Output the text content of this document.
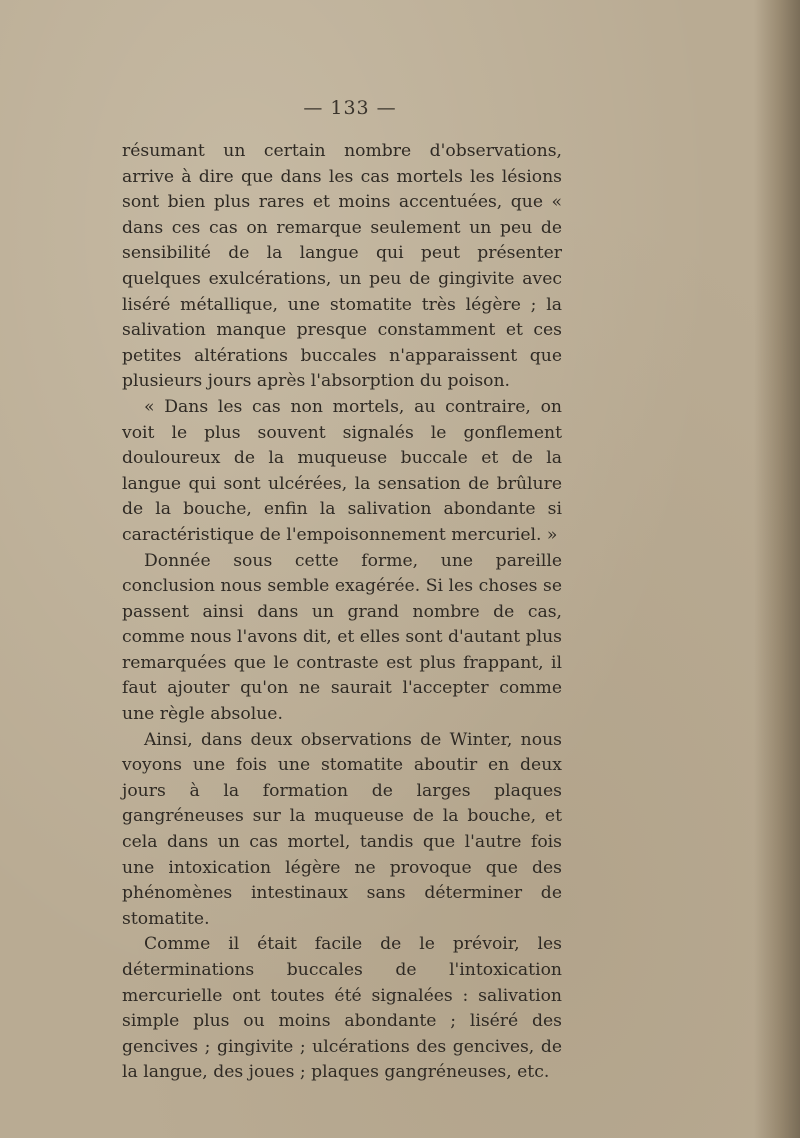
— 133 —

résumant un certain nombre d'observations, arrive à dire que dans les cas mortels les lésions sont bien plus rares et moins accentuées, que « dans ces cas on remarque seulement un peu de sensibilité de la langue qui peut présenter quelques exulcérations, un peu de gingivite avec liséré métallique, une stomatite très légère ; la salivation manque presque constamment et ces petites altérations buccales n'apparaissent que plusieurs jours après l'absorption du poison.

« Dans les cas non mortels, au contraire, on voit le plus souvent signalés le gonflement douloureux de la muqueuse buccale et de la langue qui sont ulcérées, la sensation de brûlure de la bouche, enfin la salivation abondante si caractéristique de l'empoisonnement mercuriel. »

Donnée sous cette forme, une pareille conclusion nous semble exagérée. Si les choses se passent ainsi dans un grand nombre de cas, comme nous l'avons dit, et elles sont d'autant plus remarquées que le contraste est plus frappant, il faut ajouter qu'on ne saurait l'accepter comme une règle absolue.

Ainsi, dans deux observations de Winter, nous voyons une fois une stomatite aboutir en deux jours à la formation de larges plaques gangréneuses sur la muqueuse de la bouche, et cela dans un cas mortel, tandis que l'autre fois une intoxication légère ne provoque que des phénomènes intestinaux sans déterminer de stomatite.

Comme il était facile de le prévoir, les déterminations buccales de l'intoxication mercurielle ont toutes été signalées : salivation simple plus ou moins abondante ; liséré des gencives ; gingivite ; ulcérations des gencives, de la langue, des joues ; plaques gangréneuses, etc.
